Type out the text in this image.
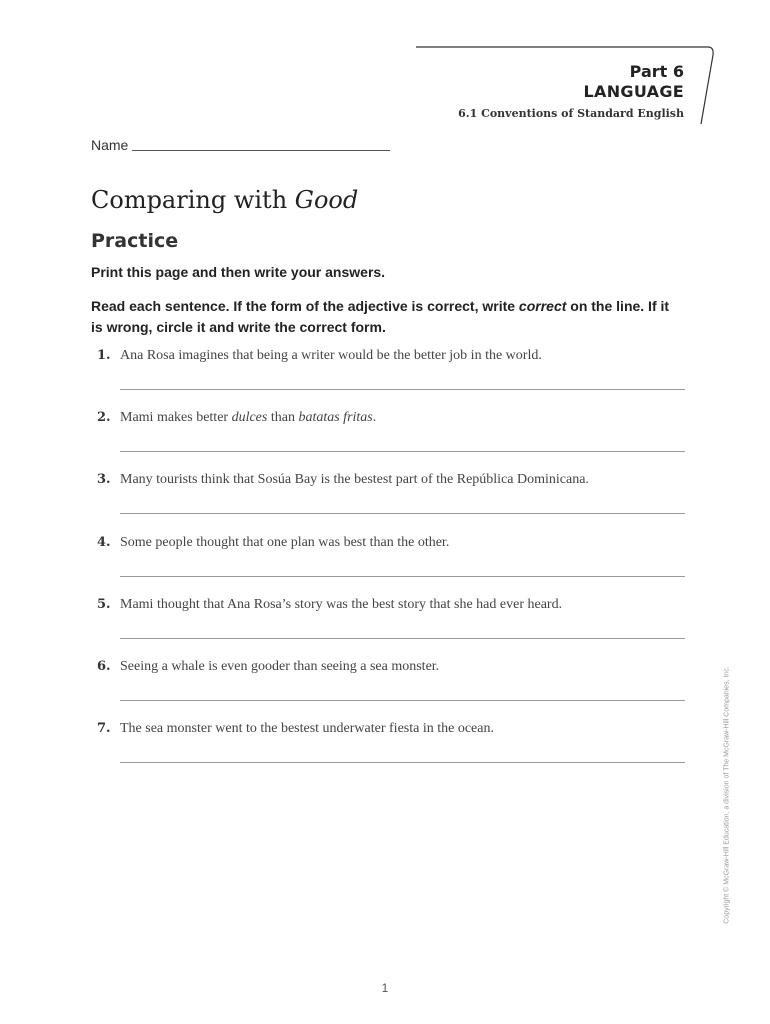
Part 6
LANGUAGE
6.1 Conventions of Standard English
Name
Comparing with Good
Practice
Print this page and then write your answers.
Read each sentence. If the form of the adjective is correct, write correct on the line. If it is wrong, circle it and write the correct form.
1. Ana Rosa imagines that being a writer would be the better job in the world.
2. Mami makes better dulces than batatas fritas.
3. Many tourists think that Sosúa Bay is the bestest part of the República Dominicana.
4. Some people thought that one plan was best than the other.
5. Mami thought that Ana Rosa’s story was the best story that she had ever heard.
6. Seeing a whale is even gooder than seeing a sea monster.
7. The sea monster went to the bestest underwater fiesta in the ocean.	Copyright © McGraw-Hill Education, a division of The McGraw-Hill Companies, Inc.
1
